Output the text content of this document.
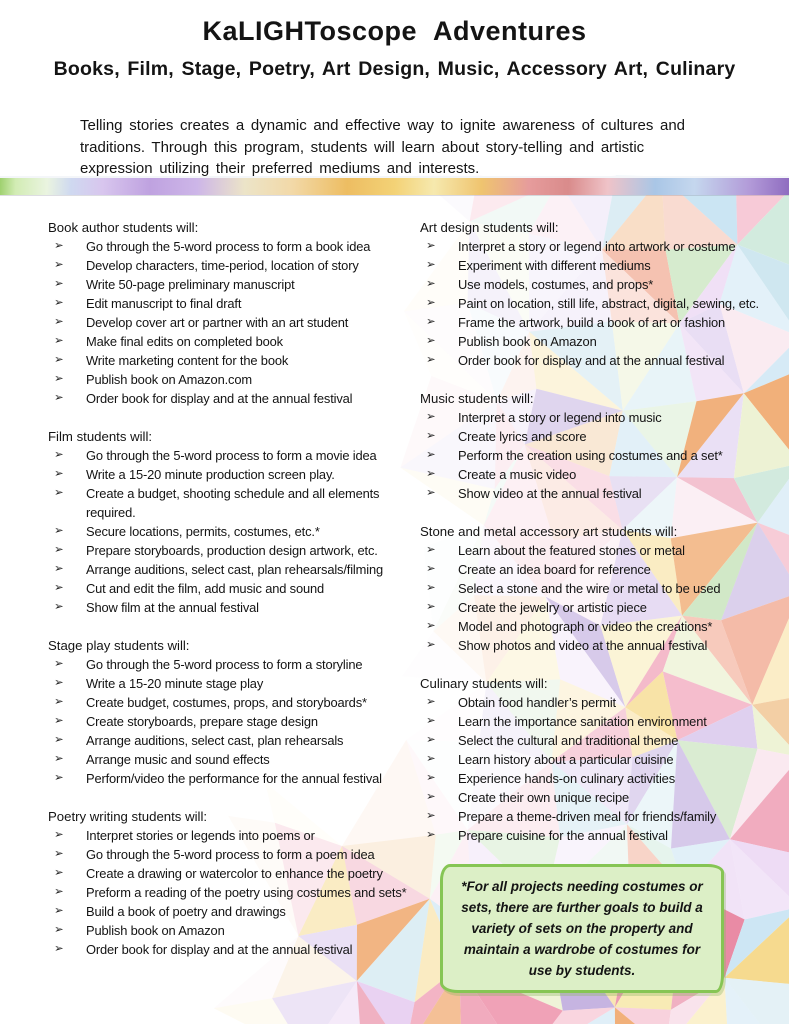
KaLIGHToscope Adventures
Books, Film, Stage, Poetry, Art Design, Music, Accessory Art, Culinary

Telling stories creates a dynamic and effective way to ignite awareness of cultures and traditions. Through this program, students will learn about story-telling and artistic expression utilizing their preferred mediums and interests.

Book author students will:
➢ Go through the 5-word process to form a book idea
➢ Develop characters, time-period, location of story
➢ Write 50-page preliminary manuscript
➢ Edit manuscript to final draft
➢ Develop cover art or partner with an art student
➢ Make final edits on completed book
➢ Write marketing content for the book
➢ Publish book on Amazon.com
➢ Order book for display and at the annual festival
Film students will:
➢ Go through the 5-word process to form a movie idea
➢ Write a 15-20 minute production screen play.
➢ Create a budget, shooting schedule and all elements required.
➢ Secure locations, permits, costumes, etc.*
➢ Prepare storyboards, production design artwork, etc.
➢ Arrange auditions, select cast, plan rehearsals/filming
➢ Cut and edit the film, add music and sound
➢ Show film at the annual festival
Stage play students will:
➢ Go through the 5-word process to form a storyline
➢ Write a 15-20 minute stage play
➢ Create budget, costumes, props, and storyboards*
➢ Create storyboards, prepare stage design
➢ Arrange auditions, select cast, plan rehearsals
➢ Arrange music and sound effects
➢ Perform/video the performance for the annual festival
Poetry writing students will:
➢ Interpret stories or legends into poems or
➢ Go through the 5-word process to form a poem idea
➢ Create a drawing or watercolor to enhance the poetry
➢ Preform a reading of the poetry using costumes and sets*
➢ Build a book of poetry and drawings
➢ Publish book on Amazon
➢ Order book for display and at the annual festival
Art design students will:
➢ Interpret a story or legend into artwork or costume
➢ Experiment with different mediums
➢ Use models, costumes, and props*
➢ Paint on location, still life, abstract, digital, sewing, etc.
➢ Frame the artwork, build a book of art or fashion
➢ Publish book on Amazon
➢ Order book for display and at the annual festival
Music students will:
➢ Interpret a story or legend into music
➢ Create lyrics and score
➢ Perform the creation using costumes and a set*
➢ Create a music video
➢ Show video at the annual festival
Stone and metal accessory art students will:
➢ Learn about the featured stones or metal
➢ Create an idea board for reference
➢ Select a stone and the wire or metal to be used
➢ Create the jewelry or artistic piece
➢ Model and photograph or video the creations*
➢ Show photos and video at the annual festival
Culinary students will:
➢ Obtain food handler’s permit
➢ Learn the importance sanitation environment
➢ Select the cultural and traditional theme
➢ Learn history about a particular cuisine
➢ Experience hands-on culinary activities
➢ Create their own unique recipe
➢ Prepare a theme-driven meal for friends/family
➢ Prepare cuisine for the annual festival

*For all projects needing costumes or sets, there are further goals to build a variety of sets on the property and maintain a wardrobe of costumes for use by students.
